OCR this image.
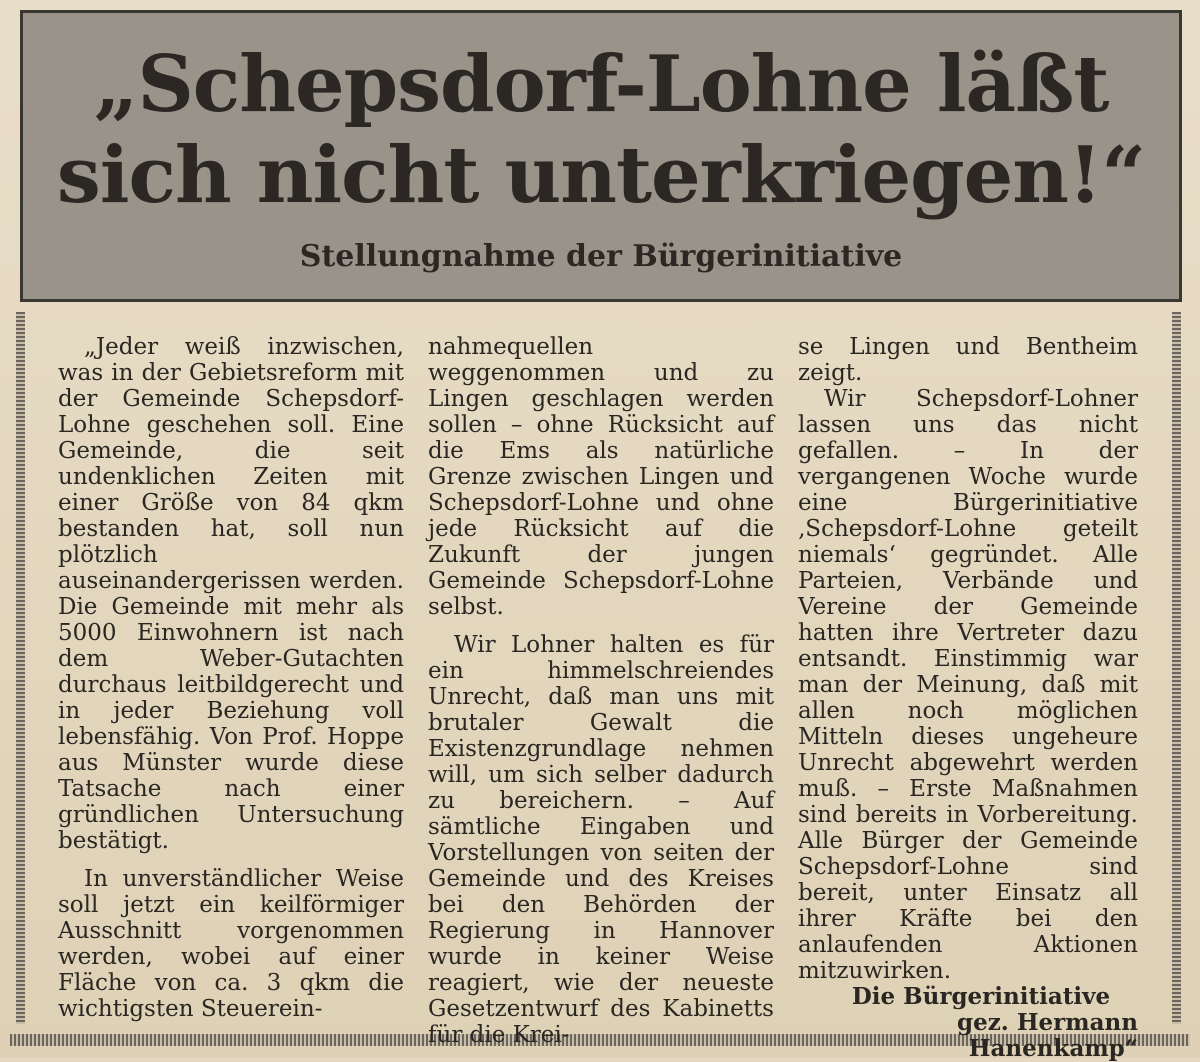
„Schepsdorf-Lohne läßt
sich nicht unterkriegen!“
Stellungnahme der Bürgerinitiative

„Jeder weiß inzwischen, was in der Gebietsreform mit der Gemeinde Schepsdorf-Lohne geschehen soll. Eine Gemeinde, die seit undenklichen Zeiten mit einer Größe von 84 qkm bestanden hat, soll nun plötzlich auseinandergerissen werden. Die Gemeinde mit mehr als 5000 Einwohnern ist nach dem Weber-Gutachten durchaus leitbildgerecht und in jeder Beziehung voll lebensfähig. Von Prof. Hoppe aus Münster wurde diese Tatsache nach einer gründlichen Untersuchung bestätigt.

In unverständlicher Weise soll jetzt ein keilförmiger Ausschnitt vorgenommen werden, wobei auf einer Fläche von ca. 3 qkm die wichtigsten Steuerein-

nahmequellen weggenommen und zu Lingen geschlagen werden sollen – ohne Rücksicht auf die Ems als natürliche Grenze zwischen Lingen und Schepsdorf-Lohne und ohne jede Rücksicht auf die Zukunft der jungen Gemeinde Schepsdorf-Lohne selbst.

Wir Lohner halten es für ein himmelschreiendes Unrecht, daß man uns mit brutaler Gewalt die Existenzgrundlage nehmen will, um sich selber dadurch zu bereichern. – Auf sämtliche Eingaben und Vorstellungen von seiten der Gemeinde und des Kreises bei den Behörden der Regierung in Hannover wurde in keiner Weise reagiert, wie der neueste Gesetzentwurf des Kabinetts für die Krei-

se Lingen und Bentheim zeigt.

Wir Schepsdorf-Lohner lassen uns das nicht gefallen. – In der vergangenen Woche wurde eine Bürgerinitiative ‚Schepsdorf-Lohne geteilt niemals‘ gegründet. Alle Parteien, Verbände und Vereine der Gemeinde hatten ihre Vertreter dazu entsandt. Einstimmig war man der Meinung, daß mit allen noch möglichen Mitteln dieses ungeheure Unrecht abgewehrt werden muß. – Erste Maßnahmen sind bereits in Vorbereitung. Alle Bürger der Gemeinde Schepsdorf-Lohne sind bereit, unter Einsatz all ihrer Kräfte bei den anlaufenden Aktionen mitzuwirken.

Die Bürgerinitiative

gez. Hermann Hanenkamp“
